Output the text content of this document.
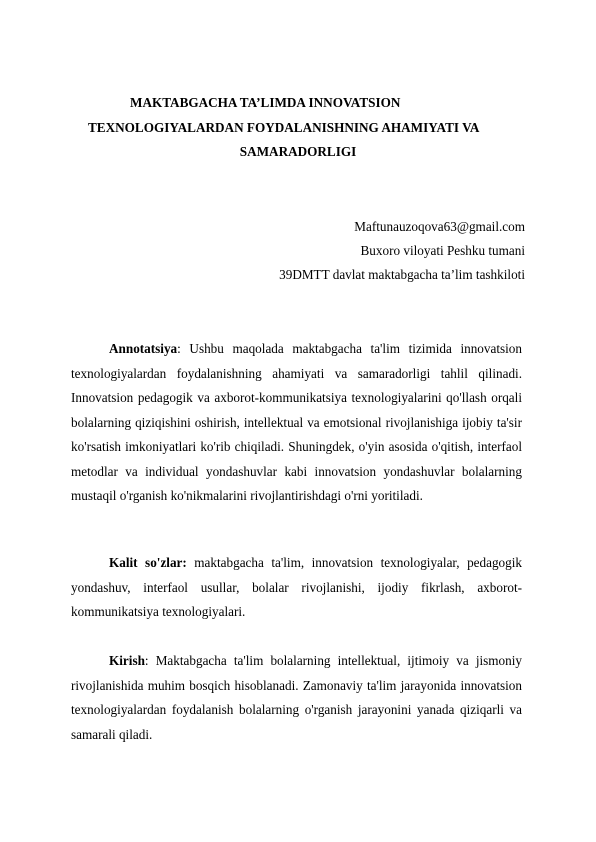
MAKTABGACHA TA’LIMDA INNOVATSION
TEXNOLOGIYALARDAN FOYDALANISHNING AHAMIYATI VA
SAMARADORLIGI
Maftunauzoqova63@gmail.com
Buxoro viloyati Peshku tumani
39DMTT davlat maktabgacha ta’lim tashkiloti
Annotatsiya: Ushbu maqolada maktabgacha ta'lim tizimida innovatsion texnologiyalardan foydalanishning ahamiyati va samaradorligi tahlil qilinadi. Innovatsion pedagogik va axborot-kommunikatsiya texnologiyalarini qo'llash orqali bolalarning qiziqishini oshirish, intellektual va emotsional rivojlanishiga ijobiy ta'sir ko'rsatish imkoniyatlari ko'rib chiqiladi. Shuningdek, o'yin asosida o'qitish, interfaol metodlar va individual yondashuvlar kabi innovatsion yondashuvlar bolalarning mustaqil o'rganish ko'nikmalarini rivojlantirishdagi o'rni yoritiladi.
Kalit so'zlar: maktabgacha ta'lim, innovatsion texnologiyalar, pedagogik yondashuv, interfaol usullar, bolalar rivojlanishi, ijodiy fikrlash, axborot-kommunikatsiya texnologiyalari.
Kirish: Maktabgacha ta'lim bolalarning intellektual, ijtimoiy va jismoniy rivojlanishida muhim bosqich hisoblanadi. Zamonaviy ta'lim jarayonida innovatsion texnologiyalardan foydalanish bolalarning o'rganish jarayonini yanada qiziqarli va samarali qiladi.
